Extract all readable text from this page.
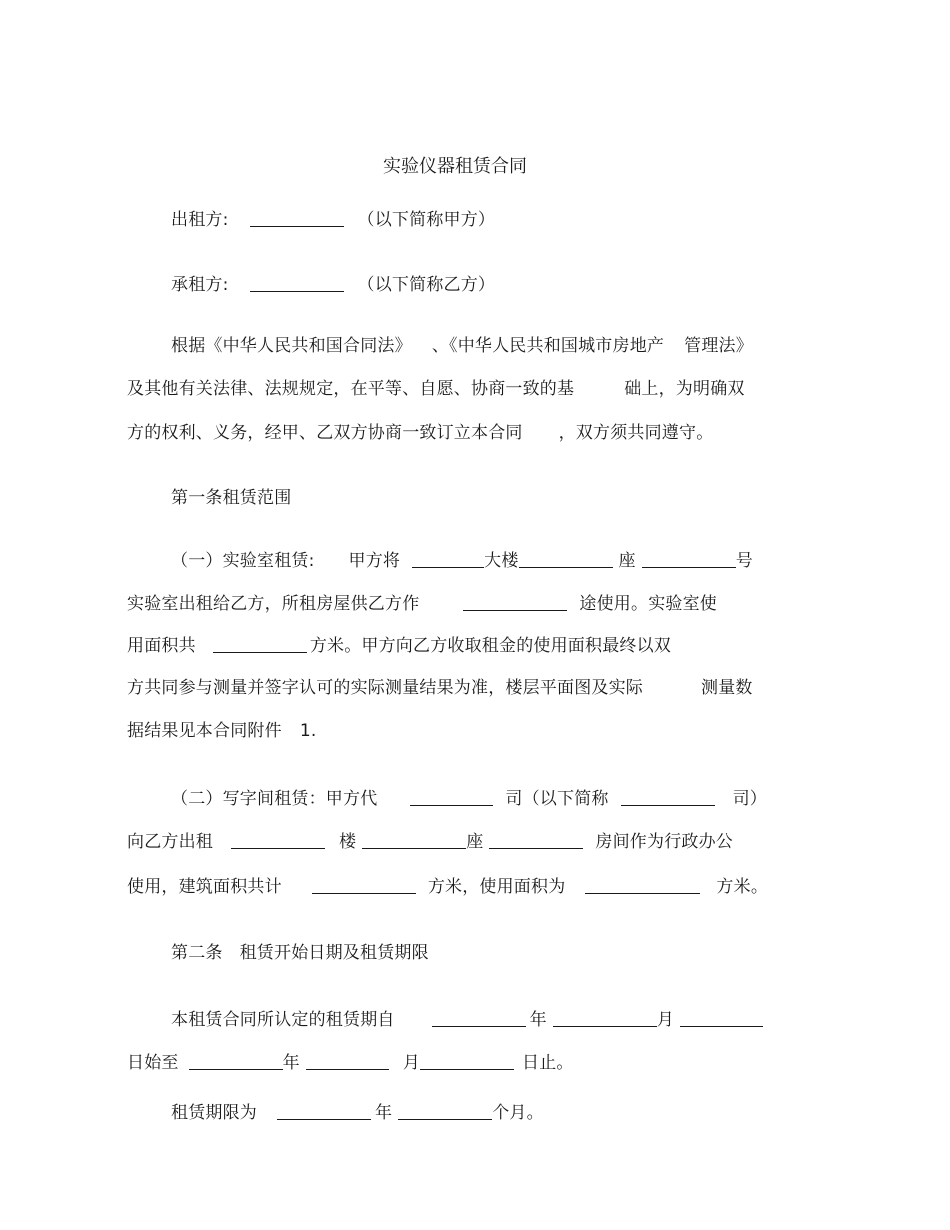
实验仪器租赁合同
出租方:	（以下简称甲方）
承租方:	（以下简称乙方）
根据《中华人民共和国合同法》 、《中华人民共和国城市房地产 管理法》
及其他有关法律、法规规定，在平等、自愿、协商一致的基	础上，为明确双
方的权利、义务，经甲、乙双方协商一致订立本合同 ，双方须共同遵守。
第一条租赁范围
（一）实验室租赁: 甲方将	大楼	座	号
实验室出租给乙方，所租房屋供乙方作	途使用。实验室使
用面积共	方米。甲方向乙方收取租金的使用面积最终以双
方共同参与测量并签字认可的实际测量结果为准，楼层平面图及实际	测量数
据结果见本合同附件 1.
（二）写字间租赁：甲方代	司（以下简称	司）
向乙方出租	楼	座	房间作为行政办公
使用，建筑面积共计	方米，使用面积为	方米。
第二条 租赁开始日期及租赁期限
本租赁合同所认定的租赁期自	年	月
日始至	年	月	日止。
租赁期限为	年	个月。
